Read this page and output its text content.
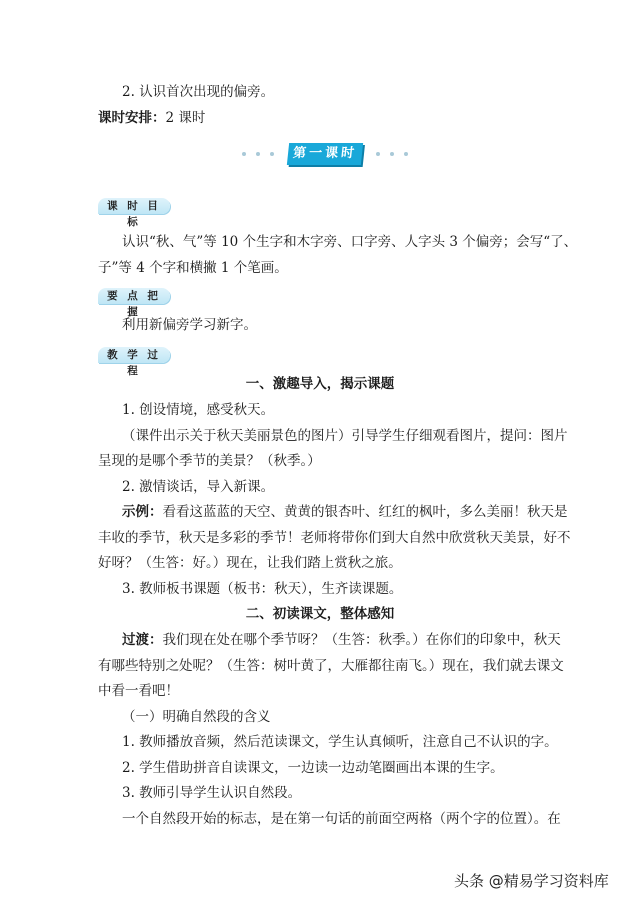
2. 认识首次出现的偏旁。
课时安排：2 课时
第一课时
课 时 目 标
认识“秋、气”等 10 个生字和木字旁、口字旁、人字头 3 个偏旁；会写“了、
子”等 4 个字和横撇 1 个笔画。
要 点 把 握
利用新偏旁学习新字。
教 学 过 程
一、激趣导入，揭示课题
1. 创设情境，感受秋天。
（课件出示关于秋天美丽景色的图片）引导学生仔细观看图片，提问：图片
呈现的是哪个季节的美景？（秋季。）
2. 激情谈话，导入新课。
示例：看看这蓝蓝的天空、黄黄的银杏叶、红红的枫叶，多么美丽！秋天是
丰收的季节，秋天是多彩的季节！老师将带你们到大自然中欣赏秋天美景，好不
好呀？（生答：好。）现在，让我们踏上赏秋之旅。
3. 教师板书课题（板书：秋天），生齐读课题。
二、初读课文，整体感知
过渡：我们现在处在哪个季节呀？（生答：秋季。）在你们的印象中，秋天
有哪些特别之处呢？（生答：树叶黄了，大雁都往南飞。）现在，我们就去课文
中看一看吧！
（一）明确自然段的含义
1. 教师播放音频，然后范读课文，学生认真倾听，注意自己不认识的字。
2. 学生借助拼音自读课文，一边读一边动笔圈画出本课的生字。
3. 教师引导学生认识自然段。
一个自然段开始的标志，是在第一句话的前面空两格（两个字的位置）。在
头条 @精易学习资料库
